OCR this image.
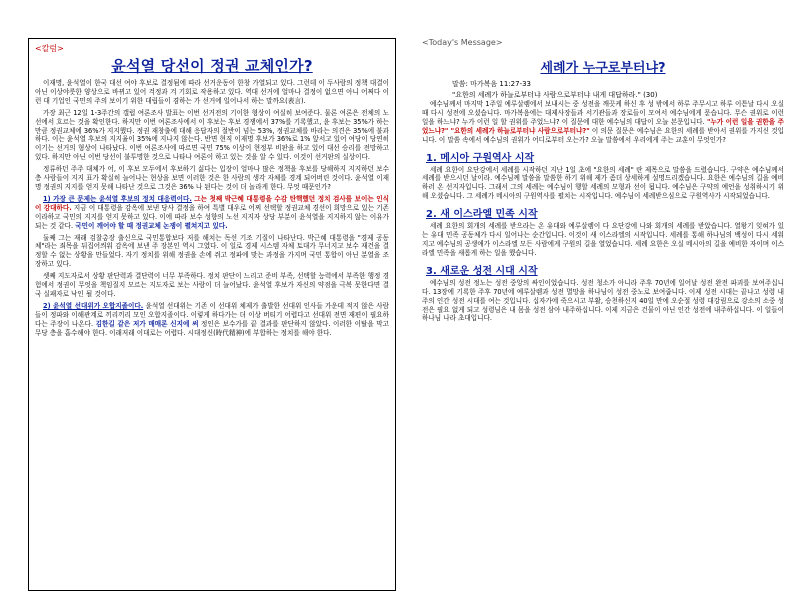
<칼럼>
윤석열 당선이 정권 교체인가?

이재명, 윤석열이 한국 대선 여야 후보로 결정됨에 따라 선거운동이 한창 가열되고 있다. 그런데 이 두사람의 정책 대결이 아닌 이상야릇한 양상으로 바뀌고 있어 걱정과 겨 기회로 작용하고 있다. 역대 선거에 얼마나 결정이 없으면 아니 어쩌다 이런 대 기업인 국민의 주의 보이기 위한 대립들이 겸하는 가 선거에 일어나서 하는 말까요(表言).

가장 최근 12일 1-3주간의 갤럽 여론조사 발표는 이번 선거전의 기이한 형상이 여실히 보여준다. 물론 여론은 전체의 노선에서 흐르는 것을 확인한다. 하지만 이번 여론조사에서 이 후보는 후보 경쟁에서 37%를 기록했고, 윤 후보는 35%가 하는 만큼 정권교체에 36%가 지지했다. 정권 재창출에 대해 응답자의 절반이 넘는 53%, 정권교체를 바라는 의견은 35%에 불과하다. 이는 윤석열 후보의 지지율이 35%에 지나지 않는다. 반면 현직 이재명 후보가 36%로 1% 앞서고 있어 여당이 당연히 이기는 선거의 형상이 나타났다. 이번 여론조사에 따르면 국민 75% 이상이 현정부 비판을 하고 있어 대선 승리를 전망하고 있다. 하지만 아닌 이번 당선이 불투명한 것으로 나타나 여론이 하고 있는 것을 알 수 있다. 이것이 선거판의 실상이다.

정류하던 주주 대체가 어, 이 후보 모두에서 후보하기 싫다는 입장이 얼마나 많은 정책을 후보를 당해하지 지지하던 보수층 사람들이 지지 표가 확실히 늘어나는 현상을 보면 이러한 것은 한 사람의 생각 자체를 경계 되어버린 것이다. 윤석열 이재명 정권의 지지를 얻지 못해 나타난 것으로 그것은 36% 나 된다는 것이 더 놀라게 한다. 무엇 때문인가?

1) 가장 큰 문제는 윤석열 후보의 정치 대응력이다. 그는 첫째 박근혜 대통령을 수감 탄핵했던 정치 검사를 보이는 인식이 강대하다. 지금 이 대통령을 감옥에 보낸 당사 결정을 하여 특별 대우로 어찌 선택할 정권교체 경선이 희망으로 있는 기존이라하고 국민의 지지를 얻지 못하고 있다. 이에 따라 보수 성향의 노선 지지자 상당 부분이 윤석열을 지지하지 않는 이유가 되는 것 같다. 국민이 깨어야 할 때 정권교체 논쟁이 펼쳐지고 있다.

둘째 그는 재래 검찰총장 출신으로 국민통합보다 저를 해치는 독선 기조 기질이 나타난다. 박근혜 대통령을 "경제 공동체"라는 죄목을 뒤집어씌워 감옥에 보낸 주 장본인 역시 그였다. 이 일로 경제 시스템 자체 토대가 무너지고 보수 재건을 결정할 수 없는 상황을 만들었다. 자기 정치를 위해 정권을 손에 쥐고 정파에 맞는 과정을 가지며 국민 통합이 아닌 분열을 조장하고 있다.

셋째 지도자로서 상황 판단력과 결단력이 너무 부족하다. 정치 판단이 느리고 준비 부족, 선택할 능력에서 부족한 행정 경험에서 정권이 무엇을 책임질지 모르는 지도자로 보는 사람이 더 늘어났다. 윤석열 후보가 자신의 약점을 극복 못한다면 결국 실패자로 낙인 될 것이다.

2) 윤석열 선대위가 오합지졸이다. 윤석열 선대위는 기존 이 선대위 체제가 출발한 선대위 인사들 가운데 적지 않은 사람들이 정파와 이해관계로 끼리끼리 모인 오합지졸이다. 이렇게 하다가는 더 이상 버티기 어렵다고 선대위 전면 재편이 필요하다는 주장이 나온다. 김한길 같은 저가 매매론 신지에 써 정인은 보수가를 끝 결과를 판단하지 않았다. 이러한 이탈을 막고 무당 층을 흡수해야 한다. 이래저래 이대로는 어렵다. 시대정신(時代精神)에 부합하는 정치를 해야 한다.

<Today's Message>
세례가 누구로부터냐?
말씀: 마가복음 11:27-33
"요한의 세례가 하늘로부터냐 사람으로부터냐 내게 대답하라." (30)

예수님께서 마지막 1주일 예루살렘에서 보내시는 중 성전을 깨끗케 하신 후 성 밖에서 하루 주무시고 하루 이튿날 다시 오실 때 다시 성전에 오셨습니다. 마가복음에는 대제사장들과 서기관들과 장로들이 모여서 예수님에게 묻습니다. 무슨 권위로 이런 일을 하느냐? 누가 이런 일 할 권위를 주었느냐? 이 질문에 대한 예수님의 대답이 오늘 본문입니다. "누가 이런 일을 권한을 주었느냐?" "요한의 세례가 하늘로부터냐 사람으로부터냐?" 이 의문 질문은 예수님은 요한의 세례를 받아서 권위를 가지신 것입니다. 이 말씀 속에서 예수님의 권위가 어디로부터 오는가? 오늘 말씀에서 우리에게 주는 교훈이 무엇인가?

1. 메시아 구원역사 시작

세례 요한이 요단강에서 세례를 시작하던 지난 1일 초에 "요한의 세례" 란 제목으로 말씀을 드렸습니다. 구약은 예수님께서 세례를 받으시던 날이라. 예수님께 말씀을 말씀한 하기 위해 제가 좀더 상세하게 설명드리겠습니다. 요한은 예수님의 길을 예비하러 온 선지자입니다. 그래서 그의 세례는 예수님이 행할 세례의 모형과 선이 됩니다. 예수님은 구약의 예언을 성취하시기 위해 오셨습니다. 그 세례가 메시아의 구원역사를 펼치는 시작입니다. 예수님이 세례받으심으로 구원역사가 시작되었습니다.

2. 새 이스라엘 민족 시작

세례 요한의 회개의 세례를 받으라는 온 유대와 예루살렘이 다 요단강에 나와 회개의 세례를 받았습니다. 열왕기 잊혀가 있는 유대 민족 공동체가 다시 일어나는 순간입니다. 이것이 새 이스라엘의 시작입니다. 세례를 통해 하나님의 백성이 다시 세워지고 예수님의 공생애가 이스라엘 모든 사람에게 구원의 길을 열었습니다. 세례 요한은 오실 메시아의 길을 예비한 자이며 이스라엘 민족을 새롭게 하는 일을 했습니다.

3. 새로운 성전 시대 시작

예수님의 성전 정노는 성전 중앙의 싸인이었습니다. 성전 청소가 아니라 주후 70년에 일어날 성전 완전 파괴를 보여주십니다. 13장에 기록한 주후 70년에 예루살렘과 성전 멸망을 하나님이 성전 중노로 보여줍니다. 이제 성전 시대는 끝나고 성령 내주의 인간 성전 시대를 여는 것입니다. 십자가에 죽으시고 부활, 승천하신지 40일 만에 오순절 성령 대강림으로 강소의 소중 성전은 필요 없게 되고 성령님은 내 몸을 성전 삼아 내주하십니다. 이제 지금은 건물이 아닌 인간 성전에 내주하십니다. 이 일들이 하나님 나라 초대입니다.
